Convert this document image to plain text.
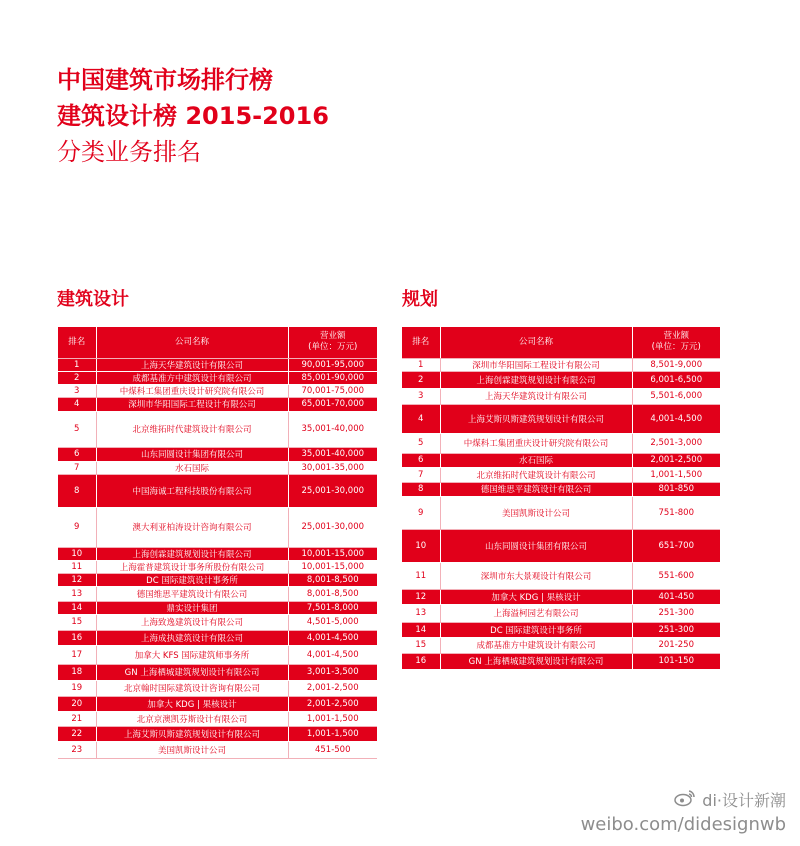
中国建筑市场排行榜
建筑设计榜 2015-2016
分类业务排名
建筑设计	规划
排名	公司名称	营业额
(单位：万元)
1	上海天华建筑设计有限公司	90,001-95,000
2	成都基准方中建筑设计有限公司	85,001-90,000
3	中煤科工集团重庆设计研究院有限公司	70,001-75,000
4	深圳市华阳国际工程设计有限公司	65,001-70,000
5	北京维拓时代建筑设计有限公司	35,001-40,000
6	山东同圆设计集团有限公司	35,001-40,000
7	水石国际	30,001-35,000
8	中国海诚工程科技股份有限公司	25,001-30,000
9	澳大利亚柏涛设计咨询有限公司	25,001-30,000
10	上海创霖建筑规划设计有限公司	10,001-15,000
11	上海霍普建筑设计事务所股份有限公司	10,001-15,000
12	DC 国际建筑设计事务所	8,001-8,500
13	德国维思平建筑设计有限公司	8,001-8,500
14	鼎实设计集团	7,501-8,000
15	上海致逸建筑设计有限公司	4,501-5,000
16	上海成执建筑设计有限公司	4,001-4,500
17	加拿大 KFS 国际建筑师事务所	4,001-4,500
18	GN 上海栖城建筑规划设计有限公司	3,001-3,500
19	北京翰时国际建筑设计咨询有限公司	2,001-2,500
20	加拿大 KDG | 果核设计	2,001-2,500
21	北京京澳凯芬斯设计有限公司	1,001-1,500
22	上海艾斯贝斯建筑规划设计有限公司	1,001-1,500
23	美国凯斯设计公司	451-500
排名	公司名称	营业额
(单位：万元)
1	深圳市华阳国际工程设计有限公司	8,501-9,000
2	上海创霖建筑规划设计有限公司	6,001-6,500
3	上海天华建筑设计有限公司	5,501-6,000
4	上海艾斯贝斯建筑规划设计有限公司	4,001-4,500
5	中煤科工集团重庆设计研究院有限公司	2,501-3,000
6	水石国际	2,001-2,500
7	北京维拓时代建筑设计有限公司	1,001-1,500
8	德国维思平建筑设计有限公司	801-850
9	美国凯斯设计公司	751-800
10	山东同圆设计集团有限公司	651-700
11	深圳市东大景观设计有限公司	551-600
12	加拿大 KDG | 果核设计	401-450
13	上海溢柯园艺有限公司	251-300
14	DC 国际建筑设计事务所	251-300
15	成都基准方中建筑设计有限公司	201-250
16	GN 上海栖城建筑规划设计有限公司	101-150
di·设计新潮
weibo.com/didesignwb
